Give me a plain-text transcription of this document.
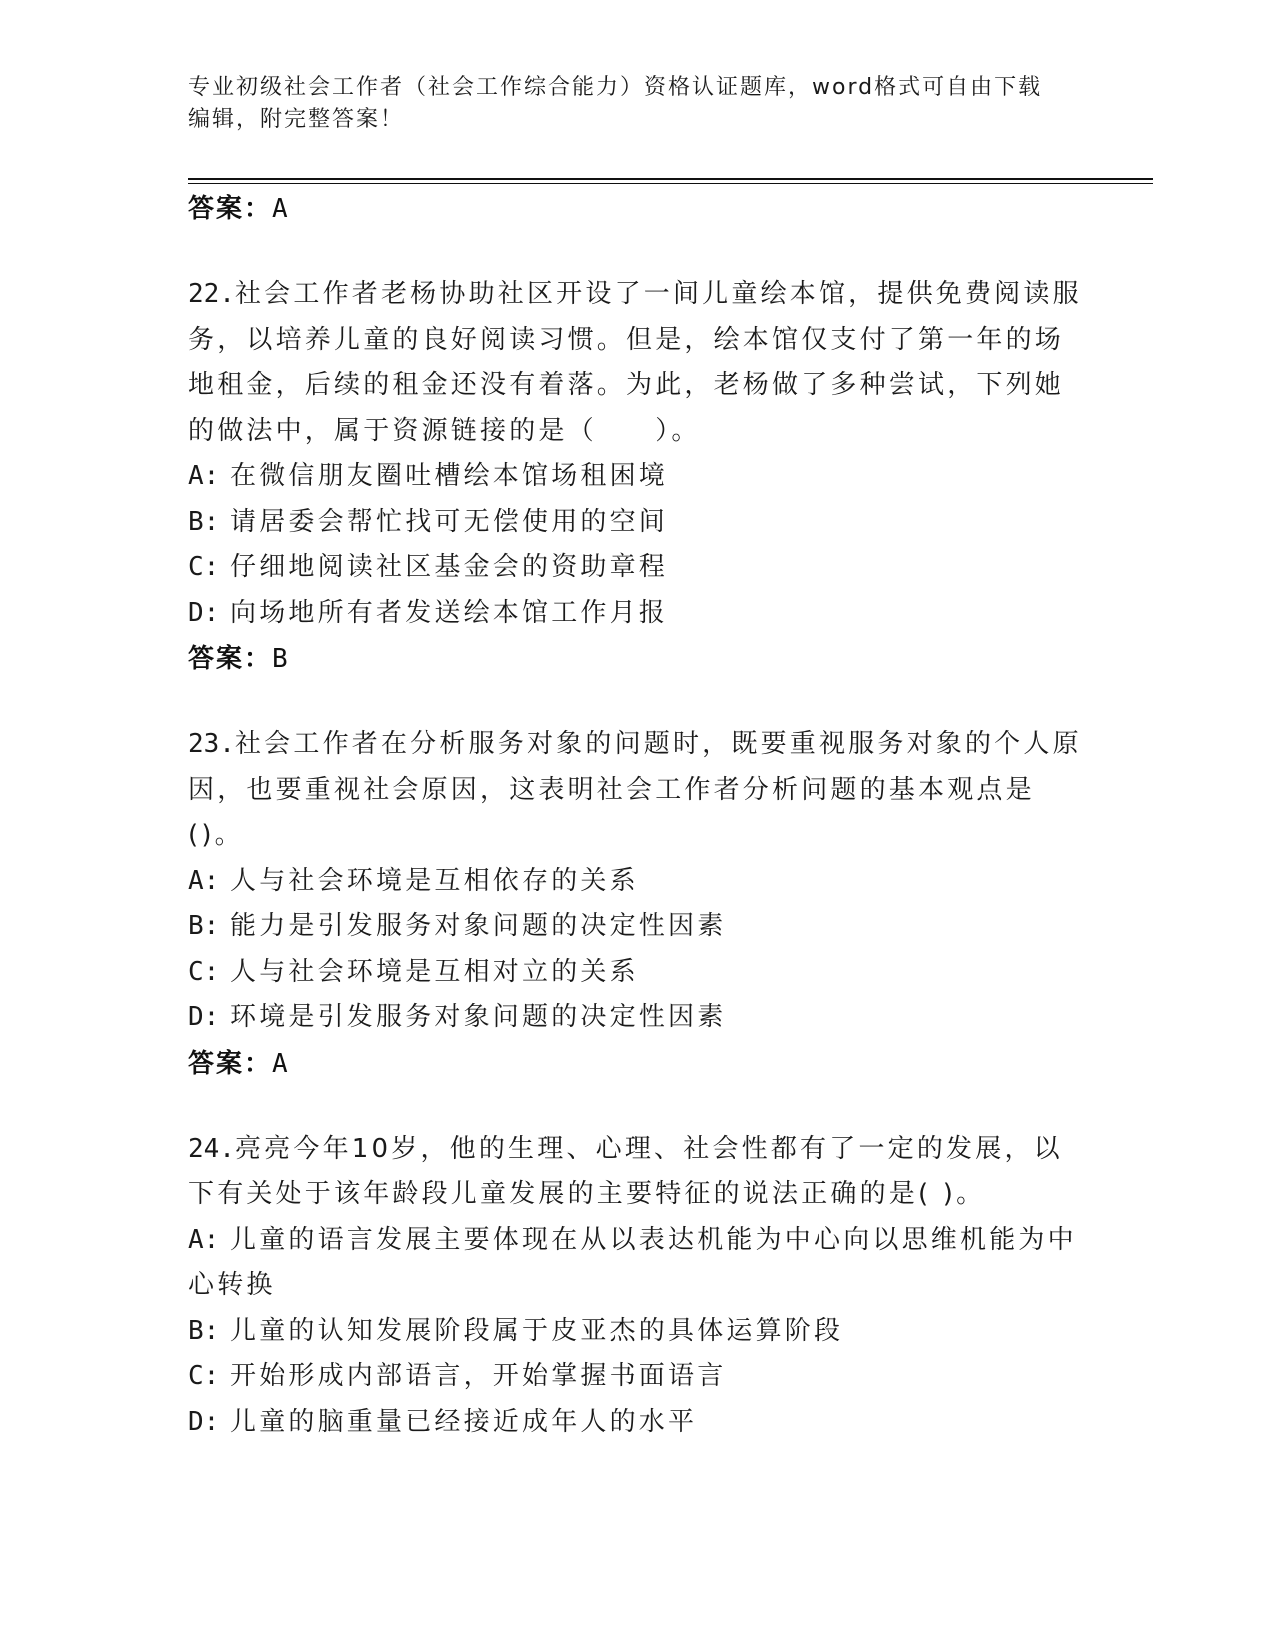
专业初级社会工作者（社会工作综合能力）资格认证题库，word格式可自由下载
编辑，附完整答案！

答案：A

22.社会工作者老杨协助社区开设了一间儿童绘本馆，提供免费阅读服务，以培养儿童的良好阅读习惯。但是，绘本馆仅支付了第一年的场地租金，后续的租金还没有着落。为此，老杨做了多种尝试，下列她的做法中，属于资源链接的是（　　）。

A: 在微信朋友圈吐槽绘本馆场租困境

B: 请居委会帮忙找可无偿使用的空间

C: 仔细地阅读社区基金会的资助章程

D: 向场地所有者发送绘本馆工作月报

答案：B

23.社会工作者在分析服务对象的问题时，既要重视服务对象的个人原因，也要重视社会原因，这表明社会工作者分析问题的基本观点是()。

A: 人与社会环境是互相依存的关系

B: 能力是引发服务对象问题的决定性因素

C: 人与社会环境是互相对立的关系

D: 环境是引发服务对象问题的决定性因素

答案：A

24.亮亮今年10岁，他的生理、心理、社会性都有了一定的发展，以下有关处于该年龄段儿童发展的主要特征的说法正确的是( )。

A: 儿童的语言发展主要体现在从以表达机能为中心向以思维机能为中心转换

B: 儿童的认知发展阶段属于皮亚杰的具体运算阶段

C: 开始形成内部语言，开始掌握书面语言

D: 儿童的脑重量已经接近成年人的水平
